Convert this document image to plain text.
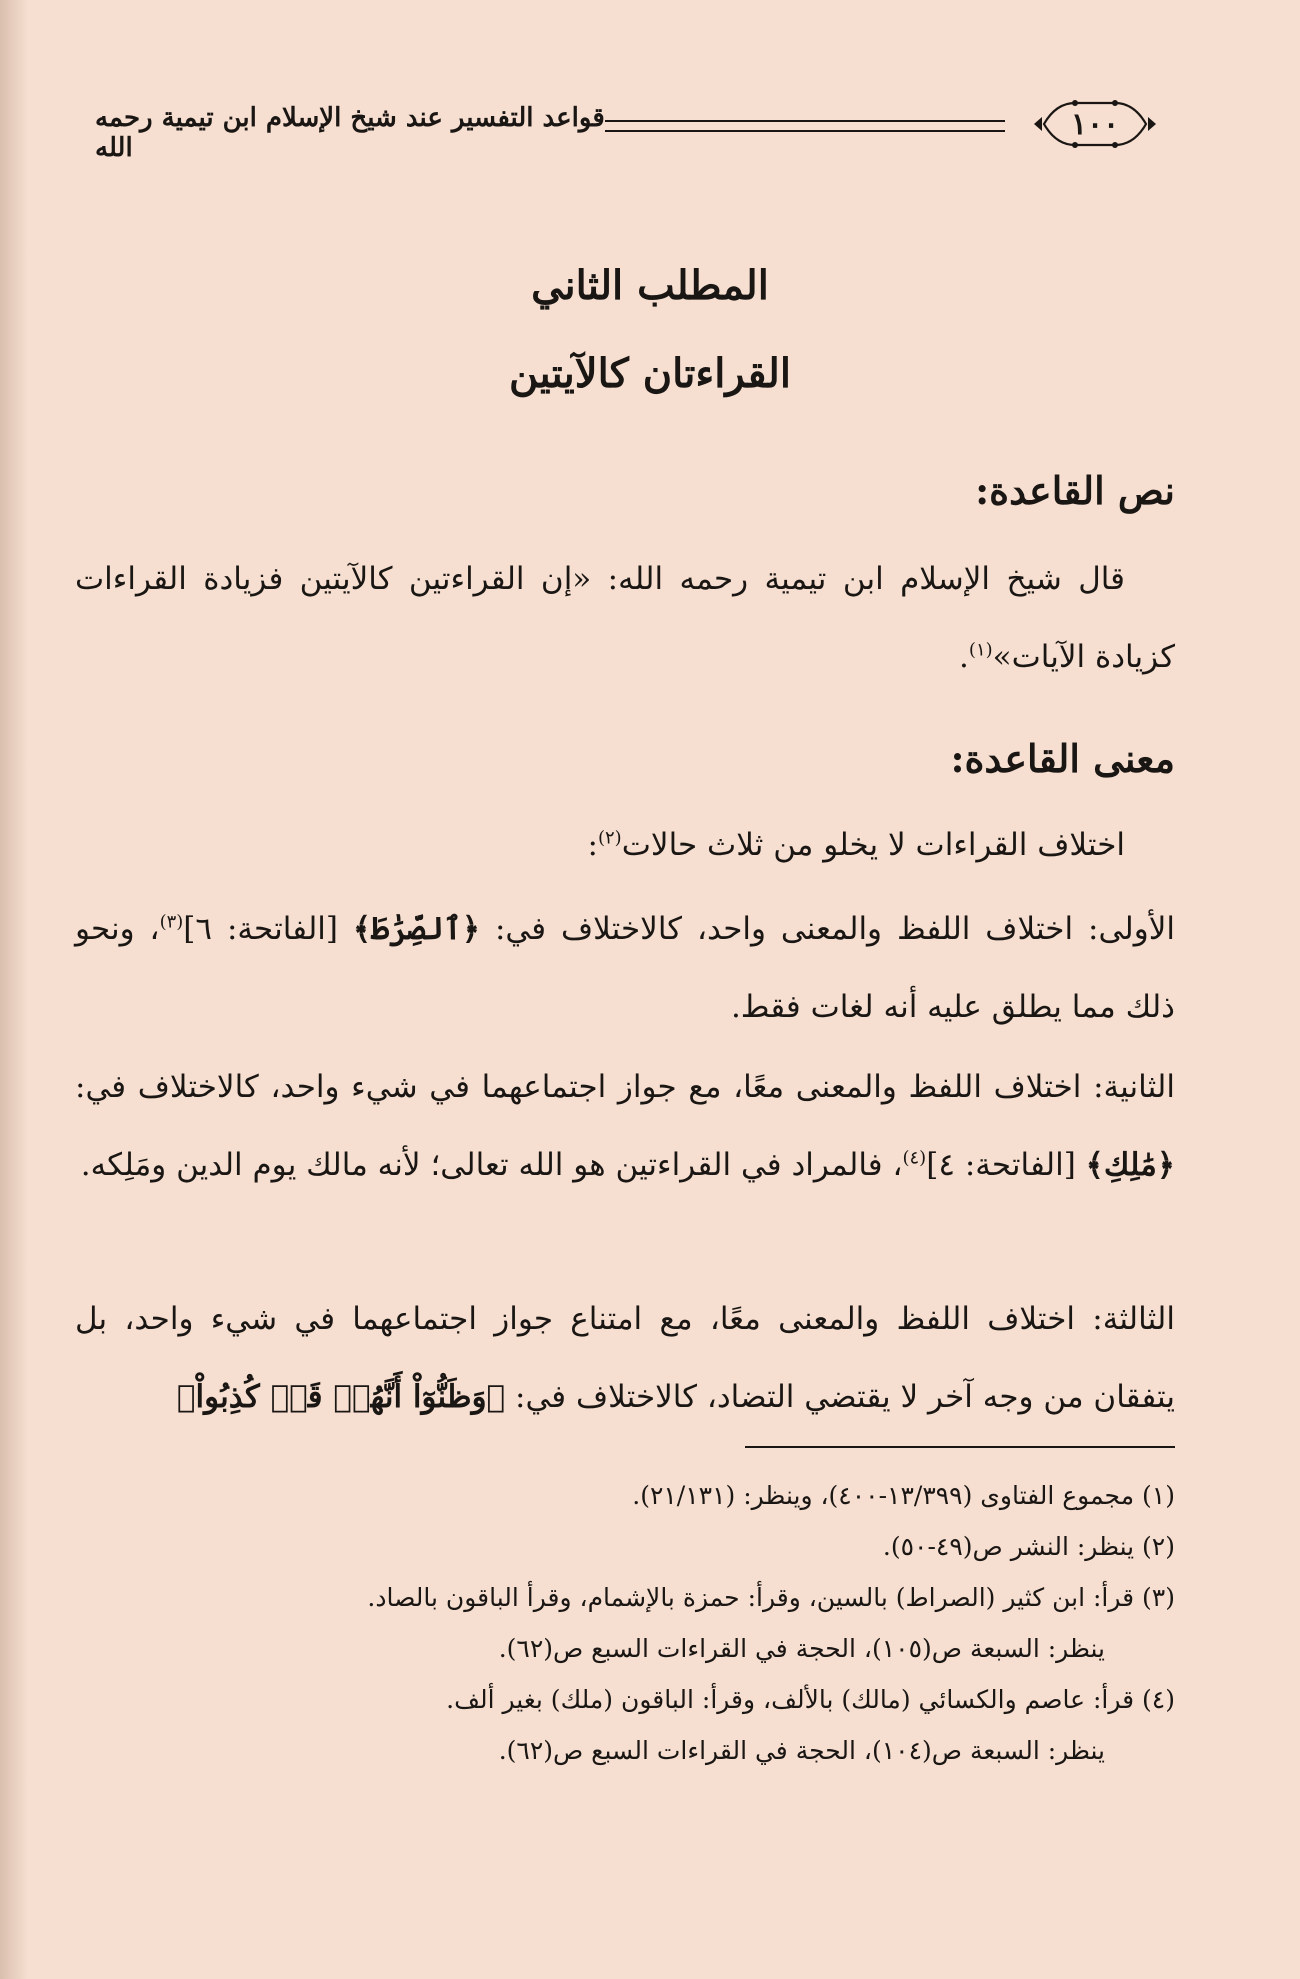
١٠٠
قواعد التفسير عند شيخ الإسلام ابن تيمية رحمه الله
المطلب الثاني
القراءتان كالآيتين
نص القاعدة:
قال شيخ الإسلام ابن تيمية رحمه الله: «إن القراءتين كالآيتين فزيادة القراءات كزيادة الآيات»$^{(١)}$.
معنى القاعدة:
اختلاف القراءات لا يخلو من ثلاث حالات$^{(٢)}$:
الأولى: اختلاف اللفظ والمعنى واحد، كالاختلاف في: ﴿ٱلصِّرَٰطَ﴾ [الفاتحة: ٦]$^{(٣)}$، ونحو ذلك مما يطلق عليه أنه لغات فقط.
الثانية: اختلاف اللفظ والمعنى معًا، مع جواز اجتماعهما في شيء واحد، كالاختلاف في: ﴿مَٰلِكِ﴾ [الفاتحة: ٤]$^{(٤)}$، فالمراد في القراءتين هو الله تعالى؛ لأنه مالك يوم الدين ومَلِكه.
الثالثة: اختلاف اللفظ والمعنى معًا، مع امتناع جواز اجتماعهما في شيء واحد، بل يتفقان من وجه آخر لا يقتضي التضاد، كالاختلاف في: ﴿وَظَنُّوٓاْ أَنَّهُمۡ قَدۡ كُذِبُواْ﴾
(١) مجموع الفتاوى (١٣/٣٩٩-٤٠٠)، وينظر: (٢١/١٣١).
(٢) ينظر: النشر ص(٤٩-٥٠).
(٣) قرأ: ابن كثير (الصراط) بالسين، وقرأ: حمزة بالإشمام، وقرأ الباقون بالصاد.
ينظر: السبعة ص(١٠٥)، الحجة في القراءات السبع ص(٦٢).
(٤) قرأ: عاصم والكسائي (مالك) بالألف، وقرأ: الباقون (ملك) بغير ألف.
ينظر: السبعة ص(١٠٤)، الحجة في القراءات السبع ص(٦٢).
